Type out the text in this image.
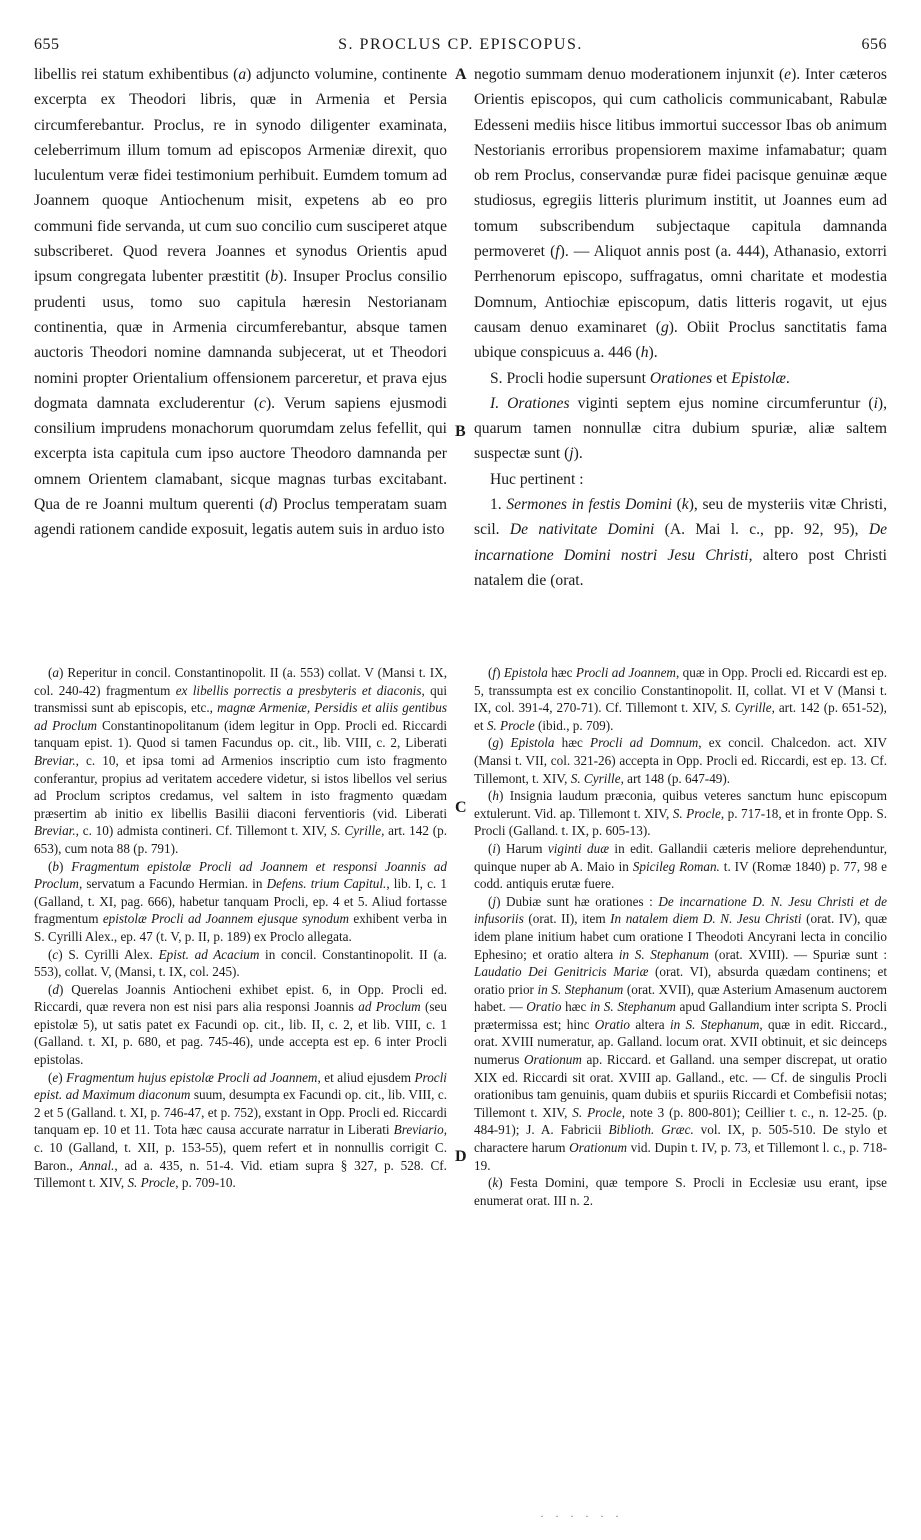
655	S. PROCLUS CP. EPISCOPUS.	656

libellis rei statum exhibentibus (a) adjuncto volumine, continente excerpta ex Theodori libris, quæ in Armenia et Persia circumferebantur. Proclus, re in synodo diligenter examinata, celeberrimum illum tomum ad episcopos Armeniæ direxit, quo luculentum veræ fidei testimonium perhibuit. Eumdem tomum ad Joannem quoque Antiochenum misit, expetens ab eo pro communi fide servanda, ut cum suo concilio cum susciperet atque subscriberet. Quod revera Joannes et synodus Orientis apud ipsum congregata lubenter præstitit (b). Insuper Proclus consilio prudenti usus, tomo suo capitula hæresin Nestorianam continentia, quæ in Armenia circumferebantur, absque tamen auctoris Theodori nomine damnanda subjecerat, ut et Theodori nomini propter Orientalium offensionem parceretur, et prava ejus dogmata damnata excluderentur (c). Verum sapiens ejusmodi consilium imprudens monachorum quorumdam zelus fefellit, qui excerpta ista capitula cum ipso auctore Theodoro damnanda per omnem Orientem clamabant, sicque magnas turbas excitabant. Qua de re Joanni multum querenti (d) Proclus temperatam suam agendi rationem candide exposuit, legatis autem suis in arduo isto

negotio summam denuo moderationem injunxit (e). Inter cæteros Orientis episcopos, qui cum catholicis communicabant, Rabulæ Edesseni mediis hisce litibus immortui successor Ibas ob animum Nestorianis erroribus propensiorem maxime infamabatur; quam ob rem Proclus, conservandæ puræ fidei pacisque genuinæ æque studiosus, egregiis litteris plurimum institit, ut Joannes eum ad tomum subscribendum subjectaque capitula damnanda permoveret (f). — Aliquot annis post (a. 444), Athanasio, extorri Perrhenorum episcopo, suffragatus, omni charitate et modestia Domnum, Antiochiæ episcopum, datis litteris rogavit, ut ejus causam denuo examinaret (g). Obiit Proclus sanctitatis fama ubique conspicuus a. 446 (h).

S. Procli hodie supersunt Orationes et Epistolæ.

I. Orationes viginti septem ejus nomine circumferuntur (i), quarum tamen nonnullæ citra dubium spuriæ, aliæ saltem suspectæ sunt (j).

Huc pertinent :

1. Sermones in festis Domini (k), seu de mysteriis vitæ Christi, scil. De nativitate Domini (A. Mai l. c., pp. 92, 95), De incarnatione Domini nostri Jesu Christi, altero post Christi natalem die (orat.

A
B
C
D

(a) Reperitur in concil. Constantinopolit. II (a. 553) collat. V (Mansi t. IX, col. 240-42) fragmentum ex libellis porrectis a presbyteris et diaconis, qui transmissi sunt ab episcopis, etc., magnæ Armeniæ, Persidis et aliis gentibus ad Proclum Constantinopolitanum (idem legitur in Opp. Procli ed. Riccardi tanquam epist. 1). Quod si tamen Facundus op. cit., lib. VIII, c. 2, Liberati Breviar., c. 10, et ipsa tomi ad Armenios inscriptio cum isto fragmento conferantur, propius ad veritatem accedere videtur, si istos libellos vel serius ad Proclum scriptos credamus, vel saltem in isto fragmento quædam præsertim ab initio ex libellis Basilii diaconi ferventioris (vid. Liberati Breviar., c. 10) admista contineri. Cf. Tillemont t. XIV, S. Cyrille, art. 142 (p. 653), cum nota 88 (p. 791).

(b) Fragmentum epistolæ Procli ad Joannem et responsi Joannis ad Proclum, servatum a Facundo Hermian. in Defens. trium Capitul., lib. I, c. 1 (Galland, t. XI, pag. 666), habetur tanquam Procli, ep. 4 et 5. Aliud fortasse fragmentum epistolæ Procli ad Joannem ejusque synodum exhibent verba in S. Cyrilli Alex., ep. 47 (t. V, p. II, p. 189) ex Proclo allegata.

(c) S. Cyrilli Alex. Epist. ad Acacium in concil. Constantinopolit. II (a. 553), collat. V, (Mansi, t. IX, col. 245).

(d) Querelas Joannis Antiocheni exhibet epist. 6, in Opp. Procli ed. Riccardi, quæ revera non est nisi pars alia responsi Joannis ad Proclum (seu epistolæ 5), ut satis patet ex Facundi op. cit., lib. II, c. 2, et lib. VIII, c. 1 (Galland. t. XI, p. 680, et pag. 745-46), unde accepta est ep. 6 inter Procli epistolas.

(e) Fragmentum hujus epistolæ Procli ad Joannem, et aliud ejusdem Procli epist. ad Maximum diaconum suum, desumpta ex Facundi op. cit., lib. VIII, c. 2 et 5 (Galland. t. XI, p. 746-47, et p. 752), exstant in Opp. Procli ed. Riccardi tanquam ep. 10 et 11. Tota hæc causa accurate narratur in Liberati Breviario, c. 10 (Galland, t. XII, p. 153-55), quem refert et in nonnullis corrigit C. Baron., Annal., ad a. 435, n. 51-4. Vid. etiam supra § 327, p. 528. Cf. Tillemont t. XIV, S. Procle, p. 709-10.

(f) Epistola hæc Procli ad Joannem, quæ in Opp. Procli ed. Riccardi est ep. 5, transsumpta est ex concilio Constantinopolit. II, collat. VI et V (Mansi t. IX, col. 391-4, 270-71). Cf. Tillemont t. XIV, S. Cyrille, art. 142 (p. 651-52), et S. Procle (ibid., p. 709).

(g) Epistola hæc Procli ad Domnum, ex concil. Chalcedon. act. XIV (Mansi t. VII, col. 321-26) accepta in Opp. Procli ed. Riccardi, est ep. 13. Cf. Tillemont, t. XIV, S. Cyrille, art 148 (p. 647-49).

(h) Insignia laudum præconia, quibus veteres sanctum hunc episcopum extulerunt. Vid. ap. Tillemont t. XIV, S. Procle, p. 717-18, et in fronte Opp. S. Procli (Galland. t. IX, p. 605-13).

(i) Harum viginti duæ in edit. Gallandii cæteris meliore deprehenduntur, quinque nuper ab A. Maio in Spicileg Roman. t. IV (Romæ 1840) p. 77, 98 e codd. antiquis erutæ fuere.

(j) Dubiæ sunt hæ orationes : De incarnatione D. N. Jesu Christi et de infusoriis (orat. II), item In natalem diem D. N. Jesu Christi (orat. IV), quæ idem plane initium habet cum oratione I Theodoti Ancyrani lecta in concilio Ephesino; et oratio altera in S. Stephanum (orat. XVIII). — Spuriæ sunt : Laudatio Dei Genitricis Mariæ (orat. VI), absurda quædam continens; et oratio prior in S. Stephanum (orat. XVII), quæ Asterium Amasenum auctorem habet. — Oratio hæc in S. Stephanum apud Gallandium inter scripta S. Procli prætermissa est; hinc Oratio altera in S. Stephanum, quæ in edit. Riccard., orat. XVIII numeratur, ap. Galland. locum orat. XVII obtinuit, et sic deinceps numerus Orationum ap. Riccard. et Galland. una semper discrepat, ut oratio XIX ed. Riccardi sit orat. XVIII ap. Galland., etc. — Cf. de singulis Procli orationibus tam genuinis, quam dubiis et spuriis Riccardi et Combefisii notas; Tillemont t. XIV, S. Procle, note 3 (p. 800-801); Ceillier t. c., n. 12-25. (p. 484-91); J. A. Fabricii Biblioth. Græc. vol. IX, p. 505-510. De stylo et charactere harum Orationum vid. Dupin t. IV, p. 73, et Tillemont l. c., p. 718-19.

(k) Festa Domini, quæ tempore S. Procli in Ecclesiæ usu erant, ipse enumerat orat. III n. 2.

· · · · · ·
